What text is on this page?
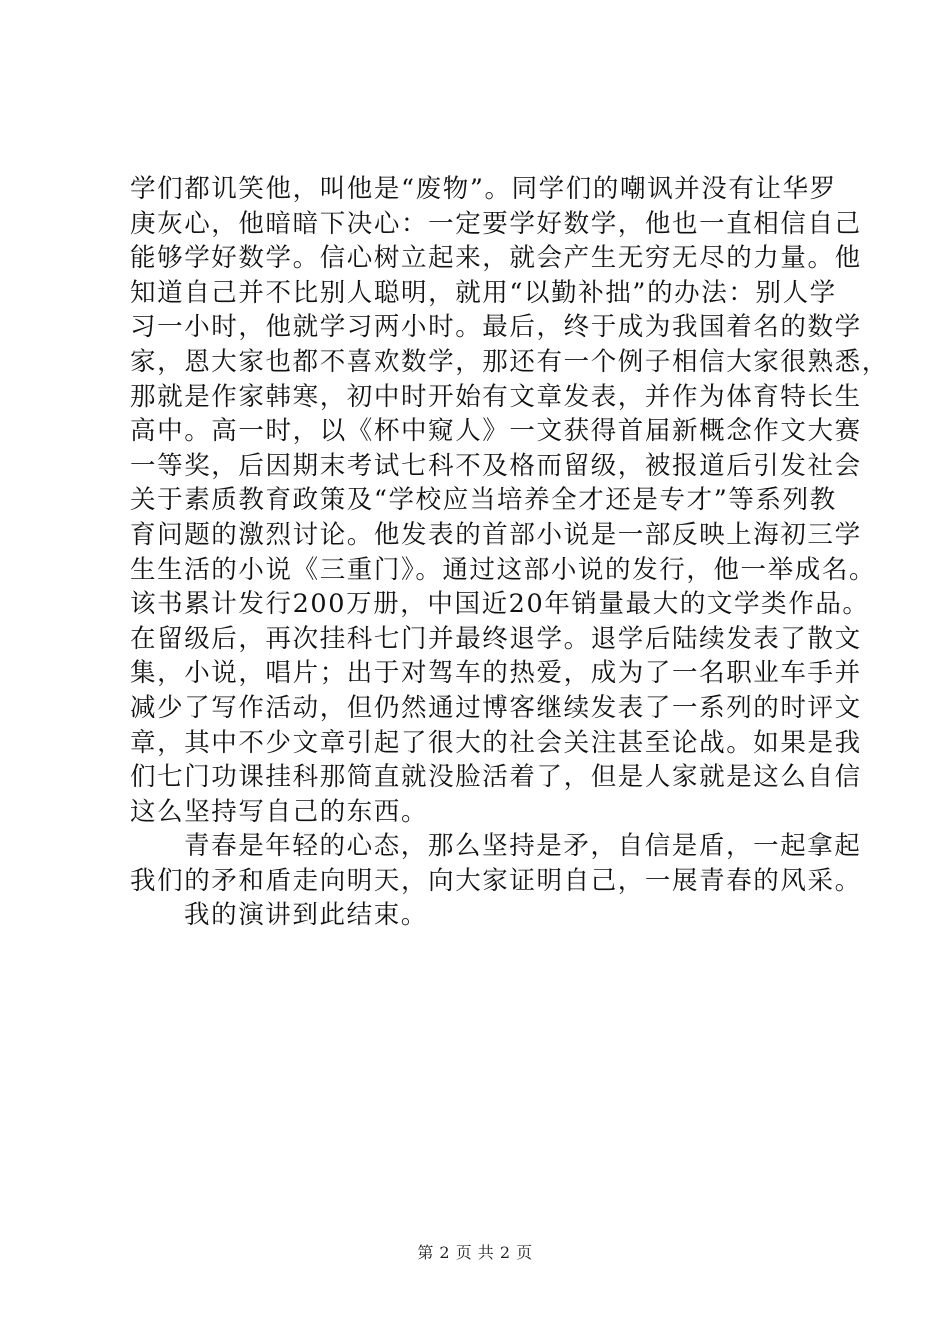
学们都讥笑他，叫他是“废物”。同学们的嘲讽并没有让华罗
庚灰心，他暗暗下决心：一定要学好数学，他也一直相信自己
能够学好数学。信心树立起来，就会产生无穷无尽的力量。他
知道自己并不比别人聪明，就用“以勤补拙”的办法：别人学
习一小时，他就学习两小时。最后，终于成为我国着名的数学
家，恩大家也都不喜欢数学，那还有一个例子相信大家很熟悉，
那就是作家韩寒，初中时开始有文章发表，并作为体育特长生
高中。高一时，以《杯中窥人》一文获得首届新概念作文大赛
一等奖，后因期末考试七科不及格而留级，被报道后引发社会
关于素质教育政策及“学校应当培养全才还是专才”等系列教
育问题的激烈讨论。他发表的首部小说是一部反映上海初三学
生生活的小说《三重门》。通过这部小说的发行，他一举成名。
该书累计发行200万册，中国近20年销量最大的文学类作品。
在留级后，再次挂科七门并最终退学。退学后陆续发表了散文
集，小说，唱片；出于对驾车的热爱，成为了一名职业车手并
减少了写作活动，但仍然通过博客继续发表了一系列的时评文
章，其中不少文章引起了很大的社会关注甚至论战。如果是我
们七门功课挂科那简直就没脸活着了，但是人家就是这么自信
这么坚持写自己的东西。
青春是年轻的心态，那么坚持是矛，自信是盾，一起拿起
我们的矛和盾走向明天，向大家证明自己，一展青春的风采。
我的演讲到此结束。
第 2 页 共 2 页
